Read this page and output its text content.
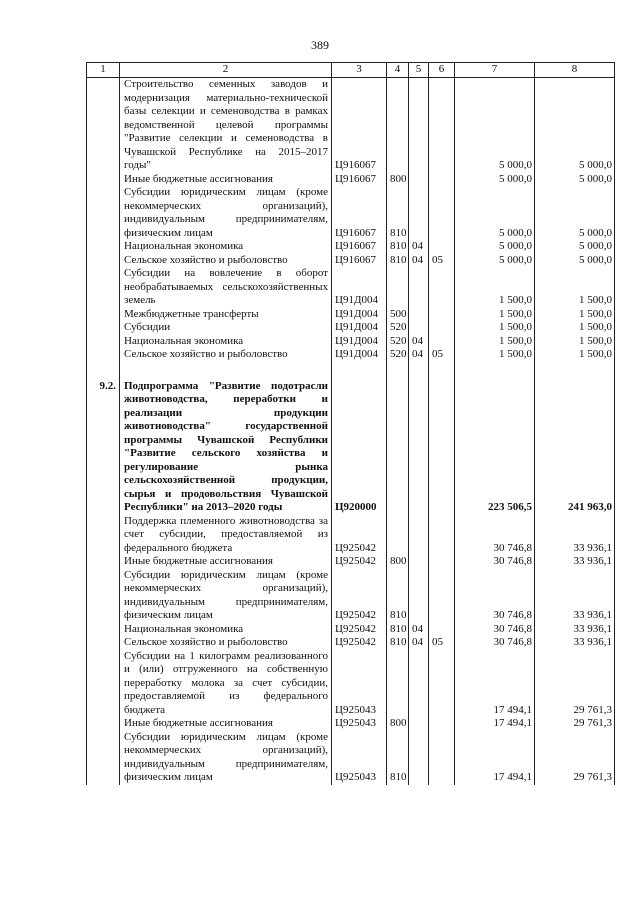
389
1	2	3	4	5	6	7	8
	Строительство семенных заводов и модернизация материально-технической базы селекции и семеноводства в рамках ведомственной целевой программы "Развитие селекции и семеноводства в Чувашской Республике на 2015–2017 годы"	Ц916067				5 000,0	5 000,0
	Иные бюджетные ассигнования	Ц916067	800			5 000,0	5 000,0
	Субсидии юридическим лицам (кроме некоммерческих организаций), индивидуальным предпринимателям, физическим лицам	Ц916067	810			5 000,0	5 000,0
	Национальная экономика	Ц916067	810	04		5 000,0	5 000,0
	Сельское хозяйство и рыболовство	Ц916067	810	04	05	5 000,0	5 000,0
	Субсидии на вовлечение в оборот необрабатываемых сельскохозяйственных земель	Ц91Д004				1 500,0	1 500,0
	Межбюджетные трансферты	Ц91Д004	500			1 500,0	1 500,0
	Субсидии	Ц91Д004	520			1 500,0	1 500,0
	Национальная экономика	Ц91Д004	520	04		1 500,0	1 500,0
	Сельское хозяйство и рыболовство	Ц91Д004	520	04	05	1 500,0	1 500,0

9.2.	Подпрограмма "Развитие подотрасли животноводства, переработки и реализации продукции животноводства" государственной программы Чувашской Республики "Развитие сельского хозяйства и регулирование рынка сельскохозяйственной продукции, сырья и продовольствия Чувашской Республики" на 2013–2020 годы	Ц920000				223 506,5	241 963,0
	Поддержка племенного животноводства за счет субсидии, предоставляемой из федерального бюджета	Ц925042				30 746,8	33 936,1
	Иные бюджетные ассигнования	Ц925042	800			30 746,8	33 936,1
	Субсидии юридическим лицам (кроме некоммерческих организаций), индивидуальным предпринимателям, физическим лицам	Ц925042	810			30 746,8	33 936,1
	Национальная экономика	Ц925042	810	04		30 746,8	33 936,1
	Сельское хозяйство и рыболовство	Ц925042	810	04	05	30 746,8	33 936,1
	Субсидии на 1 килограмм реализованного и (или) отгруженного на собственную переработку молока за счет субсидии, предоставляемой из федерального бюджета	Ц925043				17 494,1	29 761,3
	Иные бюджетные ассигнования	Ц925043	800			17 494,1	29 761,3
	Субсидии юридическим лицам (кроме некоммерческих организаций), индивидуальным предпринимателям, физическим лицам	Ц925043	810			17 494,1	29 761,3
